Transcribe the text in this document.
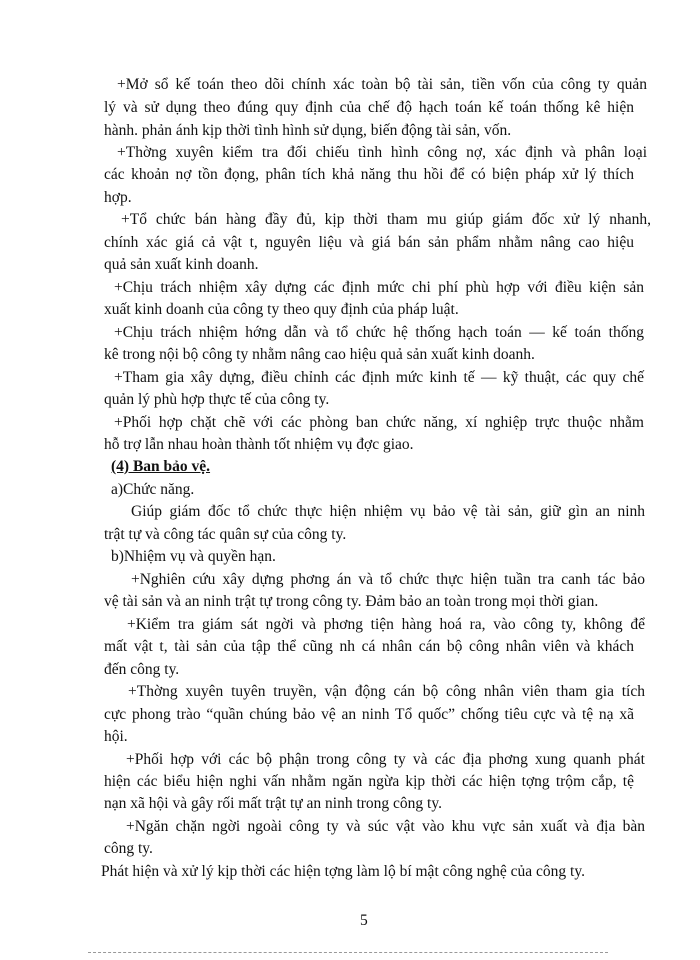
+Mở sổ kế toán theo dõi chính xác toàn bộ tài sản, tiền vốn của công ty quản
lý và sử dụng theo đúng quy định của chế độ hạch toán kế toán thống kê hiện
hành. phản ánh kịp thời tình hình sử dụng, biến động tài sản, vốn.
+Thờng xuyên kiểm tra đối chiếu tình hình công nợ, xác định và phân loại
các khoản nợ tồn đọng, phân tích khả năng thu hồi để có biện pháp xử lý thích
hợp.
+Tổ chức bán hàng đầy đủ, kịp thời tham mu giúp giám đốc xử lý nhanh,
chính xác giá cả vật t, nguyên liệu và giá bán sản phẩm nhằm nâng cao hiệu
quả sản xuất kinh doanh.
+Chịu trách nhiệm xây dựng các định mức chi phí phù hợp với điều kiện sản
xuất kinh doanh của công ty theo quy định của pháp luật.
+Chịu trách nhiệm hớng dẫn và tổ chức hệ thống hạch toán — kế toán thống
kê trong nội bộ công ty nhằm nâng cao hiệu quả sản xuất kinh doanh.
+Tham gia xây dựng, điều chỉnh các định mức kinh tế — kỹ thuật, các quy chế
quản lý phù hợp thực tế của công ty.
+Phối hợp chặt chẽ với các phòng ban chức năng, xí nghiệp trực thuộc nhằm
hỗ trợ lẫn nhau hoàn thành tốt nhiệm vụ đợc giao.
(4) Ban bảo vệ.
a)Chức năng.
Giúp giám đốc tổ chức thực hiện nhiệm vụ bảo vệ tài sản, giữ gìn an ninh
trật tự và công tác quân sự của công ty.
b)Nhiệm vụ và quyền hạn.
+Nghiên cứu xây dựng phơng án và tổ chức thực hiện tuần tra canh tác bảo
vệ tài sản và an ninh trật tự trong công ty. Đảm bảo an toàn trong mọi thời gian.
+Kiểm tra giám sát ngời và phơng tiện hàng hoá ra, vào công ty, không để
mất vật t, tài sản của tập thể cũng nh cá nhân cán bộ công nhân viên và khách
đến công ty.
+Thờng xuyên tuyên truyền, vận động cán bộ công nhân viên tham gia tích
cực phong trào “quần chúng bảo vệ an ninh Tổ quốc” chống tiêu cực và tệ nạ xã
hội.
+Phối hợp với các bộ phận trong công ty và các địa phơng xung quanh phát
hiện các biểu hiện nghi vấn nhằm ngăn ngừa kịp thời các hiện tợng trộm cắp, tệ
nạn xã hội và gây rối mất trật tự an ninh trong công ty.
+Ngăn chặn ngời ngoài công ty và súc vật vào khu vực sản xuất và địa bàn
công ty.
Phát hiện và xử lý kịp thời các hiện tợng làm lộ bí mật công nghệ của công ty.
5
